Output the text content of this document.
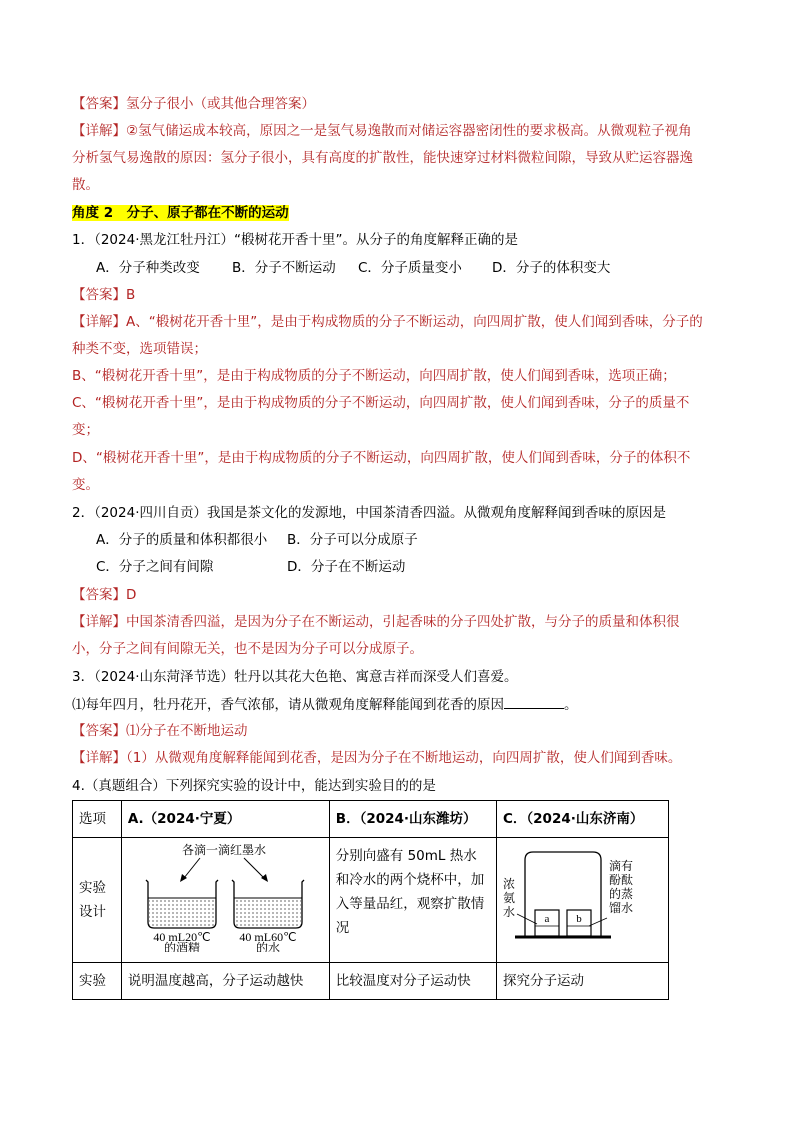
【答案】氢分子很小（或其他合理答案）
【详解】②氢气储运成本较高，原因之一是氢气易逸散而对储运容器密闭性的要求极高。从微观粒子视角
分析氢气易逸散的原因：氢分子很小，具有高度的扩散性，能快速穿过材料微粒间隙，导致从贮运容器逸
散。
角度 2　分子、原子都在不断的运动
1．（2024·黑龙江牡丹江）“椴树花开香十里”。从分子的角度解释正确的是
A．分子种类改变 B．分子不断运动 C．分子质量变小 D．分子的体积变大
【答案】B
【详解】A、“椴树花开香十里”，是由于构成物质的分子不断运动，向四周扩散，使人们闻到香味，分子的
种类不变，选项错误；
B、“椴树花开香十里”，是由于构成物质的分子不断运动，向四周扩散，使人们闻到香味，选项正确；
C、“椴树花开香十里”，是由于构成物质的分子不断运动，向四周扩散，使人们闻到香味，分子的质量不
变；
D、“椴树花开香十里”，是由于构成物质的分子不断运动，向四周扩散，使人们闻到香味，分子的体积不
变。
2．（2024·四川自贡）我国是茶文化的发源地，中国茶清香四溢。从微观角度解释闻到香味的原因是
A．分子的质量和体积都很小 B．分子可以分成原子
C．分子之间有间隙	D．分子在不断运动
【答案】D
【详解】中国茶清香四溢，是因为分子在不断运动，引起香味的分子四处扩散，与分子的质量和体积很
小，分子之间有间隙无关，也不是因为分子可以分成原子。
3．（2024·山东菏泽节选）牡丹以其花大色艳、寓意吉祥而深受人们喜爱。
⑴每年四月，牡丹花开，香气浓郁，请从微观角度解释能闻到花香的原因	。
【答案】⑴分子在不断地运动
【详解】（1）从微观角度解释能闻到花香，是因为分子在不断地运动，向四周扩散，使人们闻到香味。
4.（真题组合）下列探究实验的设计中，能达到实验目的的是
选项	A.（2024·宁夏）	B．（2024·山东潍坊）	C．（2024·山东济南）
实验设计	各滴一滴红墨水
40 mL20℃
的酒精
40 mL60℃
的水	分别向盛有 50mL 热水和冷水的两个烧杯中，加入等量品红，观察扩散情况	a b
浓氨水
滴有酚酞的蒸馏水

实验	说明温度越高，分子运动越快	比较温度对分子运动快	探究分子运动
